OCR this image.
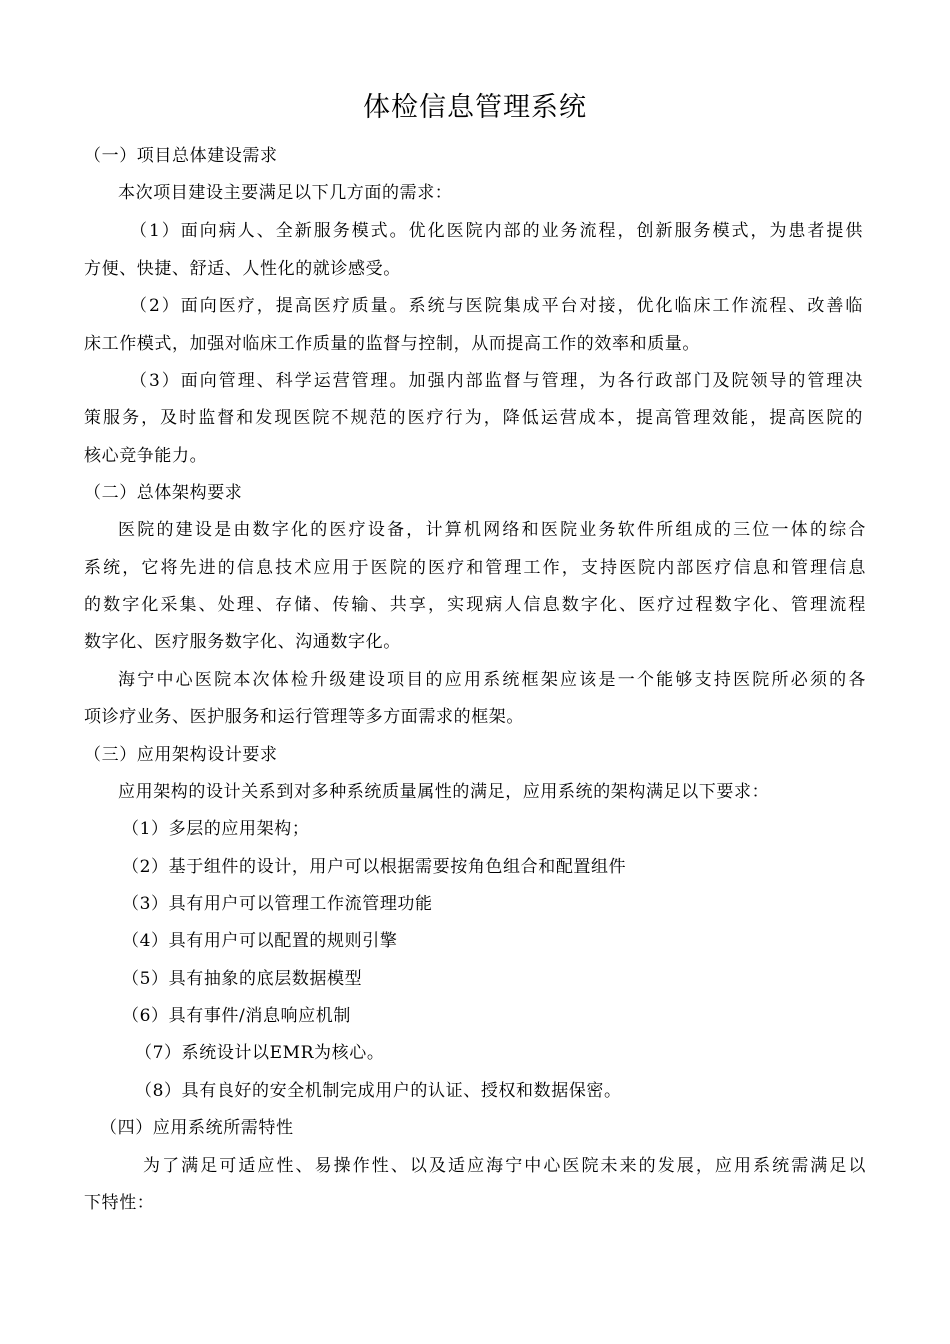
体检信息管理系统
（一）项目总体建设需求
本次项目建设主要满足以下几方面的需求：
（1）面向病人、全新服务模式。优化医院内部的业务流程，创新服务模式，为患者提供
方便、快捷、舒适、人性化的就诊感受。
（2）面向医疗，提高医疗质量。系统与医院集成平台对接，优化临床工作流程、改善临
床工作模式，加强对临床工作质量的监督与控制，从而提高工作的效率和质量。
（3）面向管理、科学运营管理。加强内部监督与管理，为各行政部门及院领导的管理决
策服务，及时监督和发现医院不规范的医疗行为，降低运营成本，提高管理效能，提高医院的
核心竞争能力。
（二）总体架构要求
医院的建设是由数字化的医疗设备，计算机网络和医院业务软件所组成的三位一体的综合
系统，它将先进的信息技术应用于医院的医疗和管理工作，支持医院内部医疗信息和管理信息
的数字化采集、处理、存储、传输、共享，实现病人信息数字化、医疗过程数字化、管理流程
数字化、医疗服务数字化、沟通数字化。
海宁中心医院本次体检升级建设项目的应用系统框架应该是一个能够支持医院所必须的各
项诊疗业务、医护服务和运行管理等多方面需求的框架。
（三）应用架构设计要求
应用架构的设计关系到对多种系统质量属性的满足，应用系统的架构满足以下要求：
（1）多层的应用架构；
（2）基于组件的设计，用户可以根据需要按角色组合和配置组件
（3）具有用户可以管理工作流管理功能
（4）具有用户可以配置的规则引擎
（5）具有抽象的底层数据模型
（6）具有事件/消息响应机制
（7）系统设计以EMR为核心。
（8）具有良好的安全机制完成用户的认证、授权和数据保密。
（四）应用系统所需特性
为了满足可适应性、易操作性、以及适应海宁中心医院未来的发展，应用系统需满足以
下特性：
